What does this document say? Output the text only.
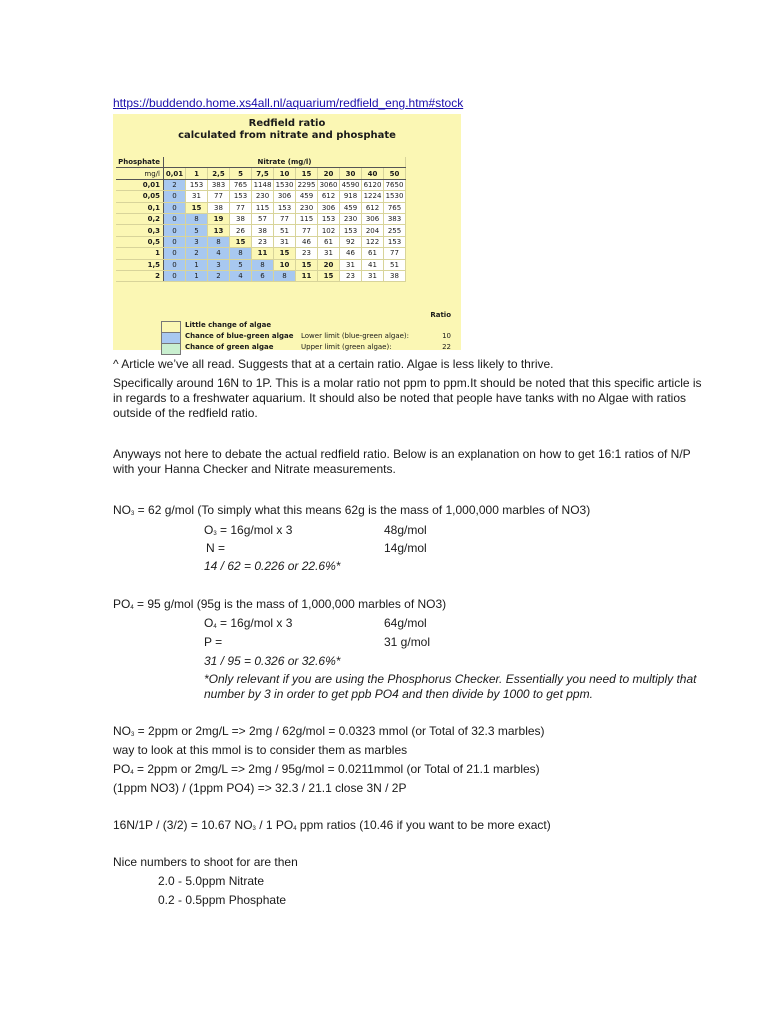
https://buddendo.home.xs4all.nl/aquarium/redfield_eng.htm#stock
Redfield ratio
calculated from nitrate and phosphate
Phosphate	Nitrate (mg/l)										
mg/l	0,01	1	2,5	5	7,5	10	15	20	30	40	50
0,01	2	153	383	765	1148	1530	2295	3060	4590	6120	7650
0,05	0	31	77	153	230	306	459	612	918	1224	1530
0,1	0	15	38	77	115	153	230	306	459	612	765
0,2	0	8	19	38	57	77	115	153	230	306	383
0,3	0	5	13	26	38	51	77	102	153	204	255
0,5	0	3	8	15	23	31	46	61	92	122	153
1	0	2	4	8	11	15	23	31	46	61	77
1,5	0	1	3	5	8	10	15	20	31	41	51
2	0	1	2	4	6	8	11	15	23	31	38
Ratio
Little change of algae
Chance of blue-green algae Lower limit (blue-green algae):	10
Chance of green algae	Upper limit (green algae):	22
^ Article we’ve all read. Suggests that at a certain ratio. Algae is less likely to thrive.
Specifically around 16N to 1P. This is a molar ratio not ppm to ppm.It should be noted that this specific article is in regards to a freshwater aquarium. It should also be noted that people have tanks with no Algae with ratios outside of the redfield ratio.
Anyways not here to debate the actual redfield ratio. Below is an explanation on how to get 16:1 ratios of N/P with your Hanna Checker and Nitrate measurements.
$NO_3 = 62$ g/mol (To simply what this means 62g is the mass of 1,000,000 marbles of NO3)
$O_3 = 16g/mol$ x 3	48g/mol
N =	14g/mol
14 / 62 = 0.226 or 22.6%*
$PO_4 = 95$ g/mol (95g is the mass of 1,000,000 marbles of NO3)
$O_4 = 16g/mol$ x 3	64g/mol
P =	31 g/mol
31 / 95 = 0.326 or 32.6%*
*Only relevant if you are using the Phosphorus Checker. Essentially you need to multiply that number by 3 in order to get ppb PO4 and then divide by 1000 to get ppm.
$NO_3 = 2ppm$ or 2mg/L => 2mg / 62g/mol = 0.0323 mmol (or Total of 32.3 marbles)
way to look at this mmol is to consider them as marbles
$PO_4 = 2ppm$ or 2mg/L => 2mg / 95g/mol = 0.0211mmol (or Total of 21.1 marbles)
(1ppm NO3) / (1ppm PO4) => 32.3 / 21.1 close 3N / 2P
16N/1P / (3/2) = 10.67 $NO_3 / 1$ $PO_4$ ppm ratios (10.46 if you want to be more exact)
Nice numbers to shoot for are then
2.0 - 5.0ppm Nitrate
0.2 - 0.5ppm Phosphate
